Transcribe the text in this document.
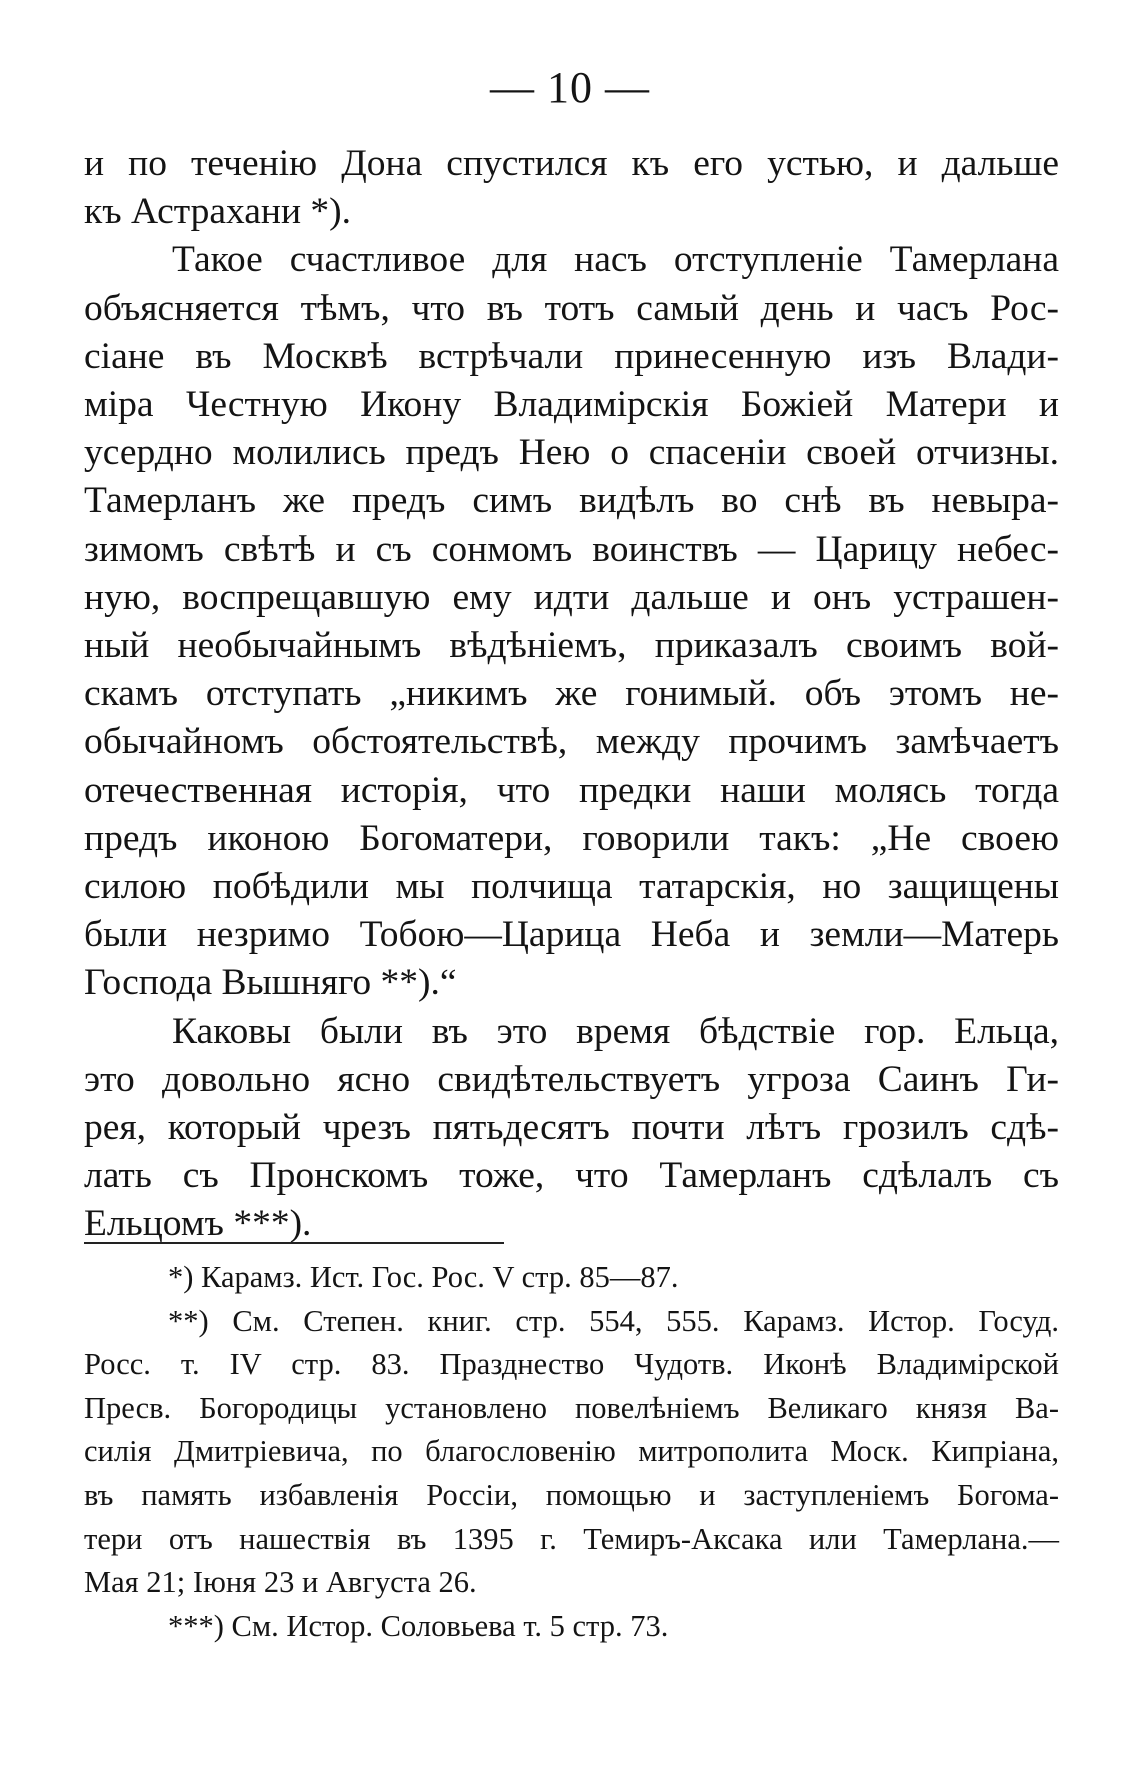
— 10 —
и по теченію Дона спустился къ его устью, и дальше
къ Астрахани *).
Такое счастливое для насъ отступленіе Тамерлана
объясняется тѣмъ, что въ тотъ самый день и часъ Рос-
сіане въ Москвѣ встрѣчали принесенную изъ Влади-
міра Честную Икону Владимірскія Божіей Матери и
усердно молились предъ Нею о спасеніи своей отчизны.
Тамерланъ же предъ симъ видѣлъ во снѣ въ невыра-
зимомъ свѣтѣ и съ сонмомъ воинствъ — Царицу небес-
ную, воспрещавшую ему идти дальше и онъ устрашен-
ный необычайнымъ вѣдѣніемъ, приказалъ своимъ вой-
скамъ отступать „никимъ же гонимый. объ этомъ не-
обычайномъ обстоятельствѣ, между прочимъ замѣчаетъ
отечественная исторія, что предки наши молясь тогда
предъ иконою Богоматери, говорили такъ: „Не своею
силою побѣдили мы полчища татарскія, но защищены
были незримо Тобою—Царица Неба и земли—Матерь
Господа Вышняго **).“
Каковы были въ это время бѣдствіе гор. Ельца,
это довольно ясно свидѣтельствуетъ угроза Саинъ Ги-
рея, который чрезъ пятьдесятъ почти лѣтъ грозилъ сдѣ-
лать съ Пронскомъ тоже, что Тамерланъ сдѣлалъ съ
Ельцомъ ***).
*) Карамз. Ист. Гос. Рос. V стр. 85—87.
**) См. Степен. книг. стр. 554, 555. Карамз. Истор. Госуд.
Росс. т. IV стр. 83. Празднество Чудотв. Иконѣ Владимірской
Пресв. Богородицы установлено повелѣніемъ Великаго князя Ва-
силія Дмитріевича, по благословенію митрополита Моск. Кипріана,
въ память избавленія Россіи, помощью и заступленіемъ Богома-
тери отъ нашествія въ 1395 г. Темиръ-Аксака или Тамерлана.—
Мая 21; Іюня 23 и Августа 26.
***) См. Истор. Соловьева т. 5 стр. 73.
